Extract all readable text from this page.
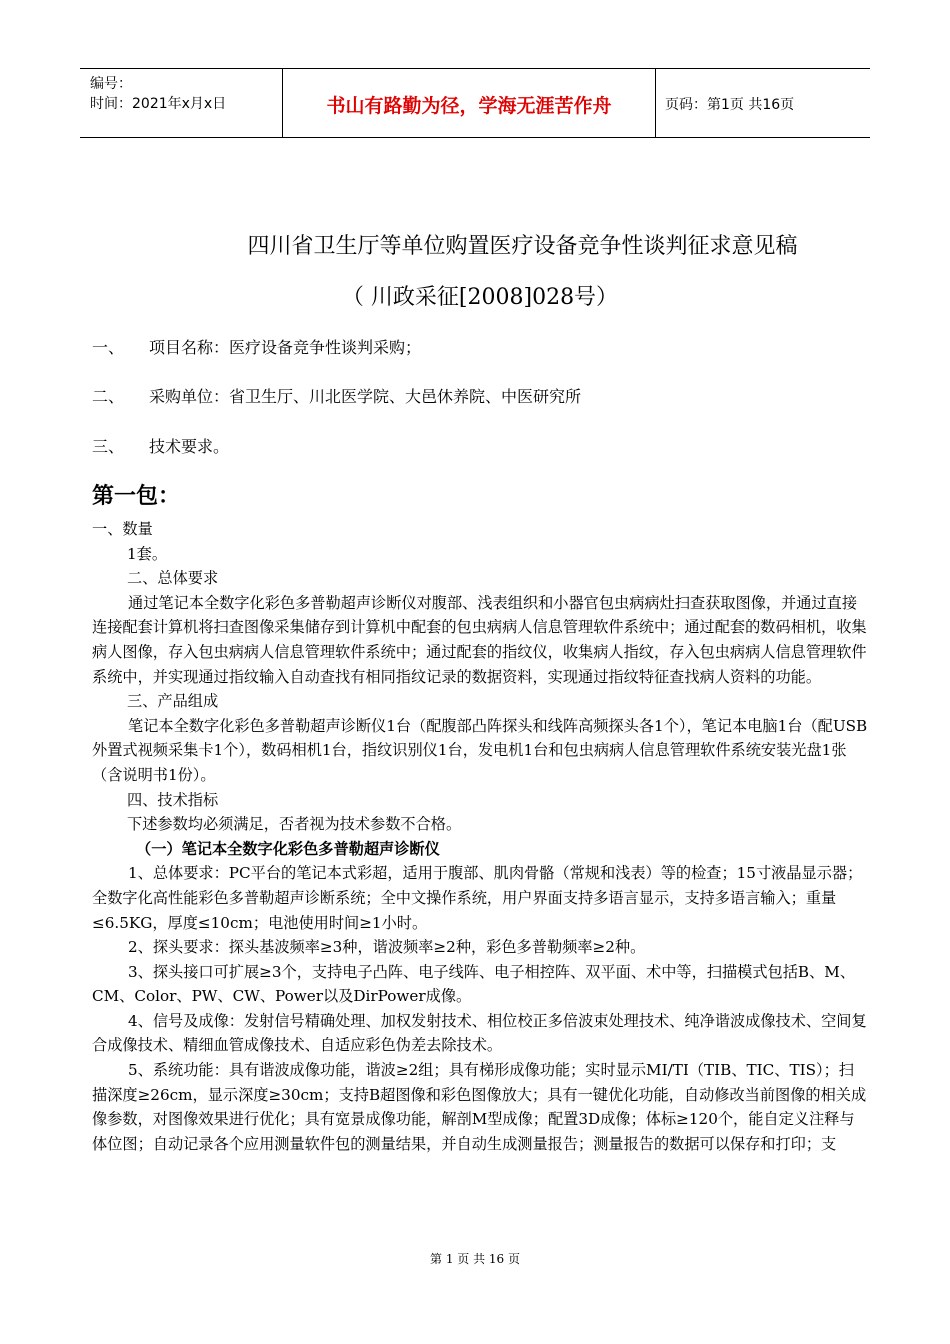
编号：
时间：2021年x月x日	书山有路勤为径，学海无涯苦作舟	页码：第1页 共16页
四川省卫生厅等单位购置医疗设备竞争性谈判征求意见稿
（ 川政采征[2008]028号）
一、 项目名称：医疗设备竞争性谈判采购；
二、 采购单位：省卫生厅、川北医学院、大邑休养院、中医研究所
三、 技术要求。
第一包：

一、数量

1套。

二、总体要求

通过笔记本全数字化彩色多普勒超声诊断仪对腹部、浅表组织和小器官包虫病病灶扫查获取图像，并通过直接连接配套计算机将扫查图像采集储存到计算机中配套的包虫病病人信息管理软件系统中；通过配套的数码相机，收集病人图像，存入包虫病病人信息管理软件系统中；通过配套的指纹仪，收集病人指纹，存入包虫病病人信息管理软件系统中，并实现通过指纹输入自动查找有相同指纹记录的数据资料，实现通过指纹特征查找病人资料的功能。

三、产品组成

笔记本全数字化彩色多普勒超声诊断仪1台（配腹部凸阵探头和线阵高频探头各1个），笔记本电脑1台（配USB外置式视频采集卡1个），数码相机1台，指纹识别仪1台，发电机1台和包虫病病人信息管理软件系统安装光盘1张（含说明书1份）。

四、技术指标

下述参数均必须满足，否者视为技术参数不合格。

（一）笔记本全数字化彩色多普勒超声诊断仪

1、总体要求：PC平台的笔记本式彩超，适用于腹部、肌肉骨骼（常规和浅表）等的检查；15寸液晶显示器；全数字化高性能彩色多普勒超声诊断系统；全中文操作系统，用户界面支持多语言显示，支持多语言输入；重量≤6.5KG，厚度≤10cm；电池使用时间≥1小时。

2、探头要求：探头基波频率≥3种，谐波频率≥2种，彩色多普勒频率≥2种。

3、探头接口可扩展≥3个，支持电子凸阵、电子线阵、电子相控阵、双平面、术中等，扫描模式包括B、M、CM、Color、PW、CW、Power以及DirPower成像。

4、信号及成像：发射信号精确处理、加权发射技术、相位校正多倍波束处理技术、纯净谐波成像技术、空间复合成像技术、精细血管成像技术、自适应彩色伪差去除技术。

5、系统功能：具有谐波成像功能，谐波≥2组；具有梯形成像功能；实时显示MI/TI（TIB、TIC、TIS）；扫描深度≥26cm，显示深度≥30cm；支持B超图像和彩色图像放大；具有一键优化功能，自动修改当前图像的相关成像参数，对图像效果进行优化；具有宽景成像功能，解剖M型成像；配置3D成像；体标≥120个，能自定义注释与体位图；自动记录各个应用测量软件包的测量结果，并自动生成测量报告；测量报告的数据可以保存和打印；支

第 1 页 共 16 页
